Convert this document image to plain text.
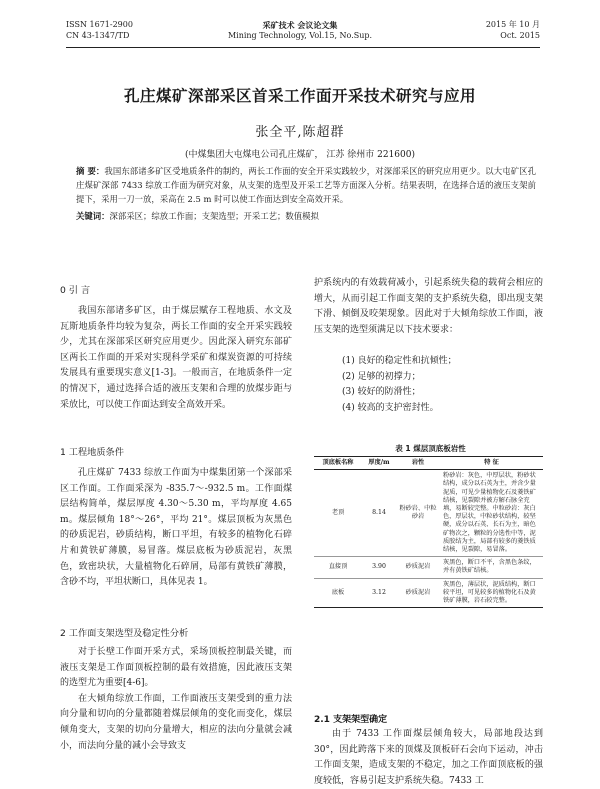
ISSN 1671-2900
CN 43-1347/TD
采矿技术 会议论文集
Mining Technology, Vol.15, No.Sup.
2015 年 10 月
Oct. 2015
孔庄煤矿深部采区首采工作面开采技术研究与应用
张全平,陈超群
(中煤集团大屯煤电公司孔庄煤矿， 江苏 徐州市 221600)
摘 要：我国东部诸多矿区受地质条件的制约，两长工作面的安全开采实践较少，对深部采区的研究应用更少。以大屯矿区孔庄煤矿深部 7433 综放工作面为研究对象，从支架的选型及开采工艺等方面深入分析。结果表明，在选择合适的液压支架前提下，采用一刀一放，采高在 2.5 m 时可以使工作面达到安全高效开采。
关键词：深部采区；综放工作面；支架选型；开采工艺；数值模拟
0 引 言

我国东部诸多矿区，由于煤层赋存工程地质、水文及瓦斯地质条件均较为复杂，两长工作面的安全开采实践较少，尤其在深部采区研究应用更少。因此深入研究东部矿区两长工作面的开采对实现科学采矿和煤炭资源的可持续发展具有重要现实意义[1-3]。一般而言，在地质条件一定的情况下，通过选择合适的液压支架和合理的放煤步距与采放比，可以使工作面达到安全高效开采。

1 工程地质条件

孔庄煤矿 7433 综放工作面为中煤集团第一个深部采区工作面。工作面采深为 -835.7～-932.5 m。工作面煤层结构简单，煤层厚度 4.30～5.30 m，平均厚度 4.65 m。煤层倾角 18°～26°，平均 21°。煤层顶板为灰黑色的砂质泥岩，砂质结构，断口平坦，有较多的植物化石碎片和黄铁矿薄膜，易冒落。煤层底板为砂质泥岩，灰黑色，致密块状，大量植物化石碎屑，局部有黄铁矿薄膜，含砂不均，平坦状断口，具体见表 1。

2 工作面支架选型及稳定性分析

对于长壁工作面开采方式，采场顶板控制最关键，而液压支架是工作面顶板控制的最有效措施，因此液压支架的选型尤为重要[4-6]。

在大倾角综放工作面，工作面液压支架受到的重力法向分量和切向的分量都随着煤层倾角的变化而变化，煤层倾角变大，支架的切向分量增大，相应的法向分量就会减小，而法向分量的减小会导致支

护系统内的有效载荷减小，引起系统失稳的载荷会相应的增大，从而引起工作面支架的支护系统失稳，即出现支架下滑、倾倒及咬架现象。因此对于大倾角综放工作面，液压支架的选型须满足以下技术要求：

(1) 良好的稳定性和抗倾性；
(2) 足够的初撑力；
(3) 较好的防滑性；
(4) 较高的支护密封性。
表 1 煤层顶底板岩性
顶底板名称	厚度/m	岩性	特 征
老顶	8.14	粉砂岩、中粒砂岩	粉砂岩：灰色，中厚层状，粉砂状结构，成分以石英为主，并含少量泥质，可见少量植物化石及菱铁矿结核，见裂隙并被方解石脉全充填，易断较完整。中粒砂岩：灰白色，厚层状，中粒砂状结构，较坚硬，成分以石英、长石为主，暗色矿物次之，颗粒的分选性中等，泥质胶结为主，局部有较多的菱铁质结核，见裂隙，易冒落。
直接顶	3.90	砂质泥岩	灰黑色，断口不平，含黑色条纹，并有黄铁矿结核。
底板	3.12	砂质泥岩	灰黑色，薄层状，泥质结构，断口较平坦，可见较多的植物化石及黄铁矿薄膜，岩石较完整。
2.1 支架架型确定

由于 7433 工作面煤层倾角较大，局部地段达到 30°，因此跨落下来的顶煤及顶板矸石会向下运动，冲击工作面支架，造成支架的不稳定，加之工作面顶底板的强度较低，容易引起支护系统失稳。7433 工
